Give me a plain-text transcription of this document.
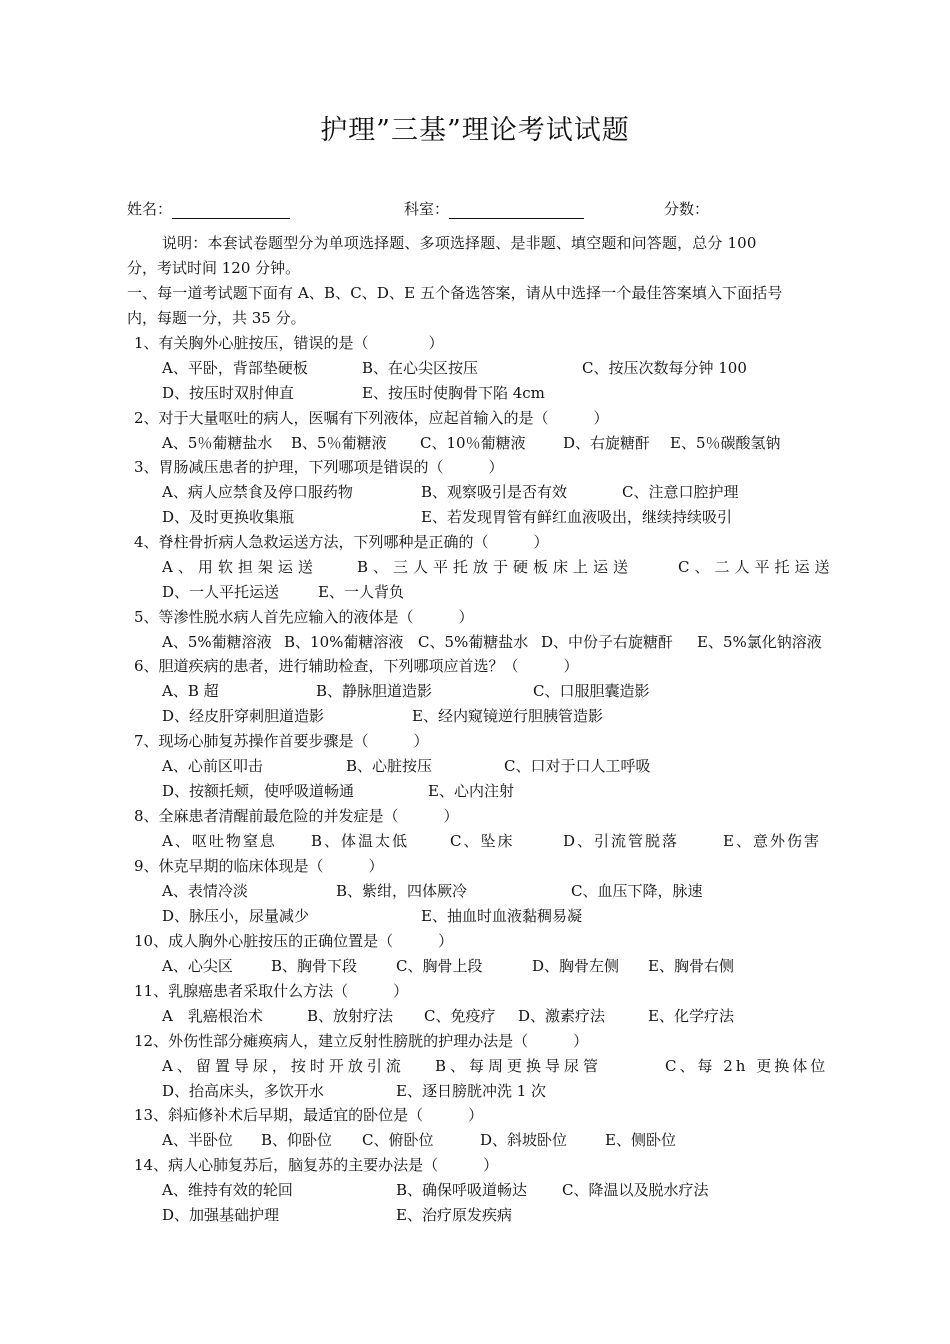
护理”三基”理论考试试题
姓名：	科室：	分数：
说明：本套试卷题型分为单项选择题、多项选择题、是非题、填空题和问答题，总分 100
分，考试时间 120 分钟。
一、每一道考试题下面有 A、B、C、D、E 五个备选答案，请从中选择一个最佳答案填入下面括号
内，每题一分，共 35 分。
1、有关胸外心脏按压，错误的是（　　　　）
A、平卧，背部垫硬板	B、在心尖区按压	C、按压次数每分钟 100
D、按压时双肘伸直	E、按压时使胸骨下陷 4cm
2、对于大量呕吐的病人，医嘱有下列液体，应起首输入的是（　　　）
A、5％葡糖盐水 B、5％葡糖液 C、10％葡糖液 D、右旋糖酐 E、5％碳酸氢钠
3、胃肠减压患者的护理，下列哪项是错误的（　　　）
A、病人应禁食及停口服药物	B、观察吸引是否有效	C、注意口腔护理
D、及时更换收集瓶	E、若发现胃管有鲜红血液吸出，继续持续吸引
4、脊柱骨折病人急救运送方法，下列哪种是正确的（　　　）
A、用软担架运送	B、三人平托放于硬板床上运送	C、二人平托运送
D、一人平托运送	E、一人背负
5、等渗性脱水病人首先应输入的液体是（　　　）
A、5%葡糖溶液 B、10%葡糖溶液 C、5%葡糖盐水 D、中份子右旋糖酐 E、5%氯化钠溶液
6、胆道疾病的患者，进行辅助检查，下列哪项应首选？（　　　）
A、B 超	B、静脉胆道造影	C、口服胆囊造影
D、经皮肝穿刺胆道造影	E、经内窥镜逆行胆胰管造影
7、现场心肺复苏操作首要步骤是（　　　）
A、心前区叩击	B、心脏按压	C、口对于口人工呼吸
D、按额托颊，使呼吸道畅通	E、心内注射
8、全麻患者清醒前最危险的并发症是（　　　）
A、呕吐物窒息 B、体温太低	C、坠床	D、引流管脱落	E、意外伤害
9、休克早期的临床体现是（　　　）
A、表情冷淡	B、紫绀，四体厥冷	C、血压下降，脉速
D、脉压小，尿量减少	E、抽血时血液黏稠易凝
10、成人胸外心脏按压的正确位置是（　　　）
A、心尖区	B、胸骨下段	C、胸骨上段	D、胸骨左侧 E、胸骨右侧
11、乳腺癌患者采取什么方法（　　　）
A　乳癌根治术	B、放射疗法 C、免疫疗 D、激素疗法	E、化学疗法
12、外伤性部分瘫痪病人，建立反射性膀胱的护理办法是（　　　）
A、留置导尿，按时开放引流 B、每周更换导尿管	C、每 2h 更换体位
D、抬高床头，多饮开水	E、逐日膀胱冲洗 1 次
13、斜疝修补术后早期，最适宜的卧位是（　　　）
A、半卧位 B、仰卧位 C、俯卧位	D、斜坡卧位	E、侧卧位
14、病人心肺复苏后，脑复苏的主要办法是（　　　）
A、维持有效的轮回	B、确保呼吸道畅达 C、降温以及脱水疗法
D、加强基础护理	E、治疗原发疾病
